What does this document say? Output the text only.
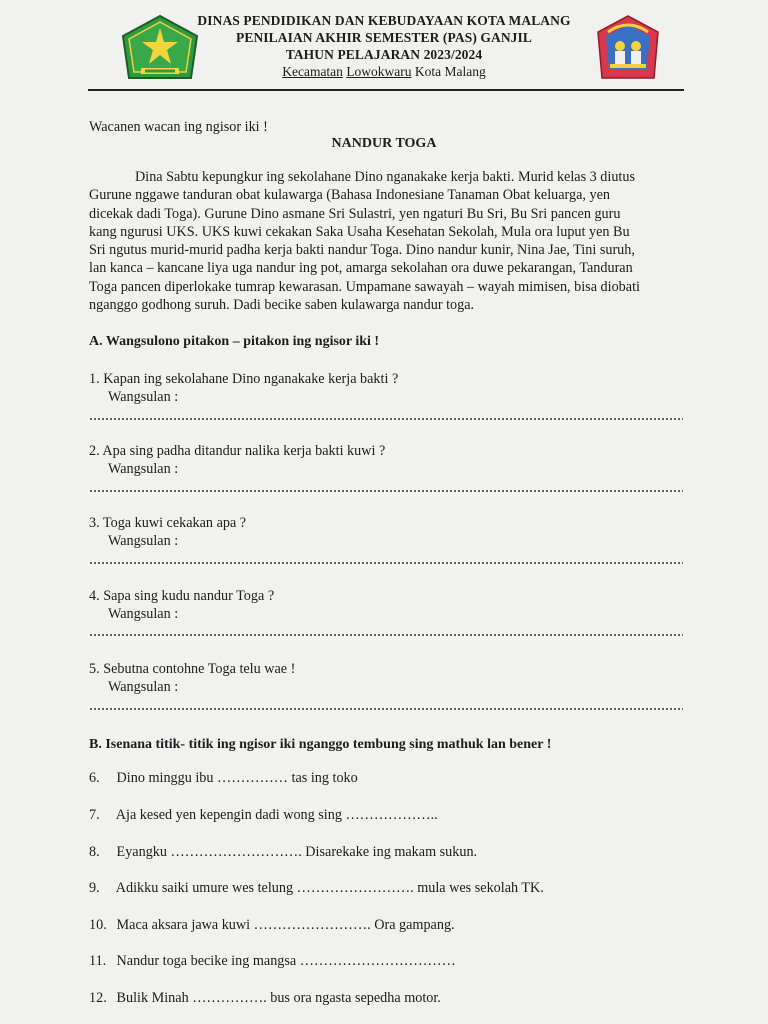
DINAS PENDIDIKAN DAN KEBUDAYAAN KOTA MALANG
PENILAIAN AKHIR SEMESTER (PAS) GANJIL
TAHUN PELAJARAN 2023/2024
Kecamatan Lowokwaru Kota Malang
Wacanen wacan ing ngisor iki !
NANDUR TOGA
Dina Sabtu kepungkur ing sekolahane Dino nganakake kerja bakti. Murid kelas 3 diutus
Gurune nggawe tanduran obat kulawarga (Bahasa Indonesiane Tanaman Obat keluarga, yen
dicekak dadi Toga). Gurune Dino asmane Sri Sulastri, yen ngaturi Bu Sri, Bu Sri pancen guru
kang ngurusi UKS. UKS kuwi cekakan Saka Usaha Kesehatan Sekolah, Mula ora luput yen Bu
Sri ngutus murid-murid padha kerja bakti nandur Toga. Dino nandur kunir, Nina Jae, Tini suruh,
lan kanca – kancane liya uga nandur ing pot, amarga sekolahan ora duwe pekarangan, Tanduran
Toga pancen diperlokake tumrap kewarasan. Umpamane sawayah – wayah mimisen, bisa diobati
nganggo godhong suruh. Dadi becike saben kulawarga nandur toga.
A. Wangsulono pitakon – pitakon ing ngisor iki !
1. Kapan ing sekolahane Dino nganakake kerja bakti ?
Wangsulan :
2. Apa sing padha ditandur nalika kerja bakti kuwi ?
Wangsulan :
3. Toga kuwi cekakan apa ?
Wangsulan :
4. Sapa sing kudu nandur Toga ?
Wangsulan :
5. Sebutna contohne Toga telu wae !
Wangsulan :
B. Isenana titik- titik ing ngisor iki nganggo tembung sing mathuk lan bener !
6. Dino minggu ibu …………… tas ing toko
7. Aja kesed yen kepengin dadi wong sing ………………..
8. Eyangku ………………………. Disarekake ing makam sukun.
9. Adikku saiki umure wes telung ……………………. mula wes sekolah TK.
10. Maca aksara jawa kuwi ……………………. Ora gampang.
11. Nandur toga becike ing mangsa ……………………………
12. Bulik Minah ……………. bus ora ngasta sepedha motor.
